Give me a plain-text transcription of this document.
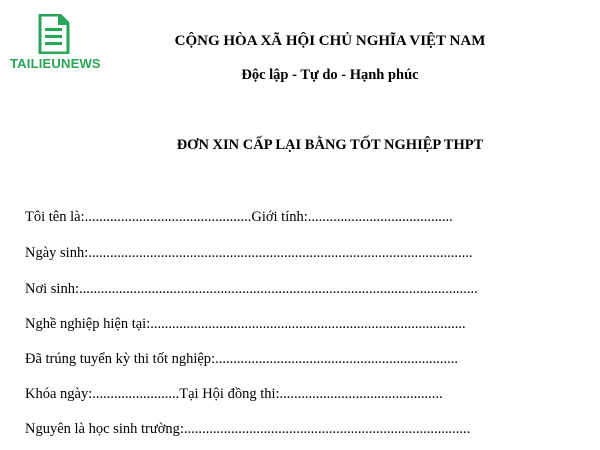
TAILIEUNEWS
CỘNG HÒA XÃ HỘI CHỦ NGHĨA VIỆT NAM
Độc lập - Tự do - Hạnh phúc
ĐƠN XIN CẤP LẠI BẰNG TỐT NGHIỆP THPT
Tôi tên là:..............................................Giới tính:........................................
Ngày sinh:..........................................................................................................
Nơi sinh:..............................................................................................................
Nghề nghiệp hiện tại:.......................................................................................
Đã trúng tuyển kỳ thi tốt nghiệp:...................................................................
Khóa ngày:........................Tại Hội đồng thi:.............................................
Nguyên là học sinh trường:...............................................................................
